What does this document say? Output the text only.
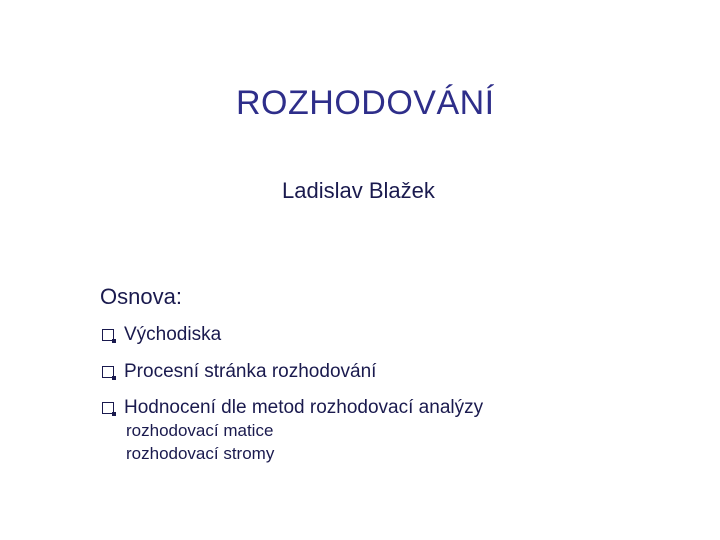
ROZHODOVÁNÍ
Ladislav Blažek
Osnova:
Východiska
Procesní stránka rozhodování
Hodnocení dle metod rozhodovací analýzy
rozhodovací matice
rozhodovací stromy
